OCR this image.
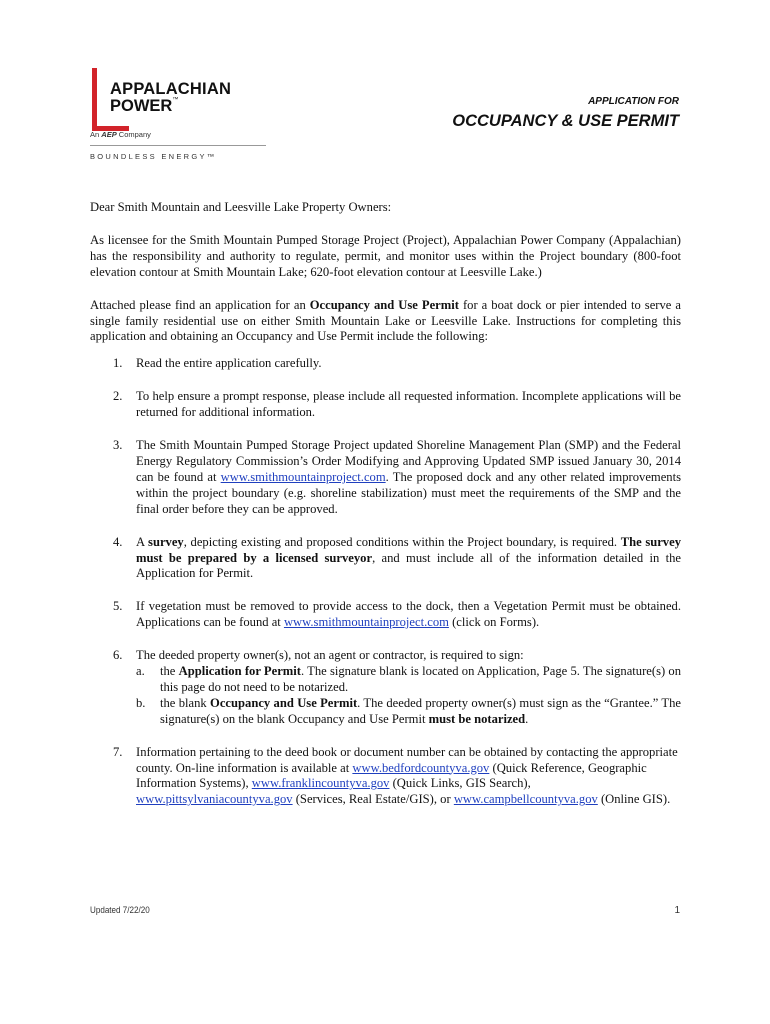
APPALACHIAN
POWER™
An AEP Company
BOUNDLESS ENERGY™
APPLICATION FOR
OCCUPANCY & USE PERMIT

Dear Smith Mountain and Leesville Lake Property Owners:

As licensee for the Smith Mountain Pumped Storage Project (Project), Appalachian Power Company (Appalachian) has the responsibility and authority to regulate, permit, and monitor uses within the Project boundary (800-foot elevation contour at Smith Mountain Lake; 620-foot elevation contour at Leesville Lake.)

Attached please find an application for an Occupancy and Use Permit for a boat dock or pier intended to serve a single family residential use on either Smith Mountain Lake or Leesville Lake. Instructions for completing this application and obtaining an Occupancy and Use Permit include the following:

1. Read the entire application carefully.
2. To help ensure a prompt response, please include all requested information. Incomplete applications will be returned for additional information.
3. The Smith Mountain Pumped Storage Project updated Shoreline Management Plan (SMP) and the Federal Energy Regulatory Commission’s Order Modifying and Approving Updated SMP issued January 30, 2014 can be found at www.smithmountainproject.com. The proposed dock and any other related improvements within the project boundary (e.g. shoreline stabilization) must meet the requirements of the SMP and the final order before they can be approved.
4. A survey, depicting existing and proposed conditions within the Project boundary, is required. The survey must be prepared by a licensed surveyor, and must include all of the information detailed in the Application for Permit.
5. If vegetation must be removed to provide access to the dock, then a Vegetation Permit must be obtained. Applications can be found at www.smithmountainproject.com (click on Forms).
6. The deeded property owner(s), not an agent or contractor, is required to sign:
a. the Application for Permit. The signature blank is located on Application, Page 5. The signature(s) on this page do not need to be notarized.
b. the blank Occupancy and Use Permit. The deeded property owner(s) must sign as the “Grantee.” The signature(s) on the blank Occupancy and Use Permit must be notarized.
7. Information pertaining to the deed book or document number can be obtained by contacting the appropriate county. On-line information is available at www.bedfordcountyva.gov (Quick Reference, Geographic Information Systems), www.franklincountyva.gov (Quick Links, GIS Search), www.pittsylvaniacountyva.gov (Services, Real Estate/GIS), or www.campbellcountyva.gov (Online GIS).
Updated 7/22/20	1
